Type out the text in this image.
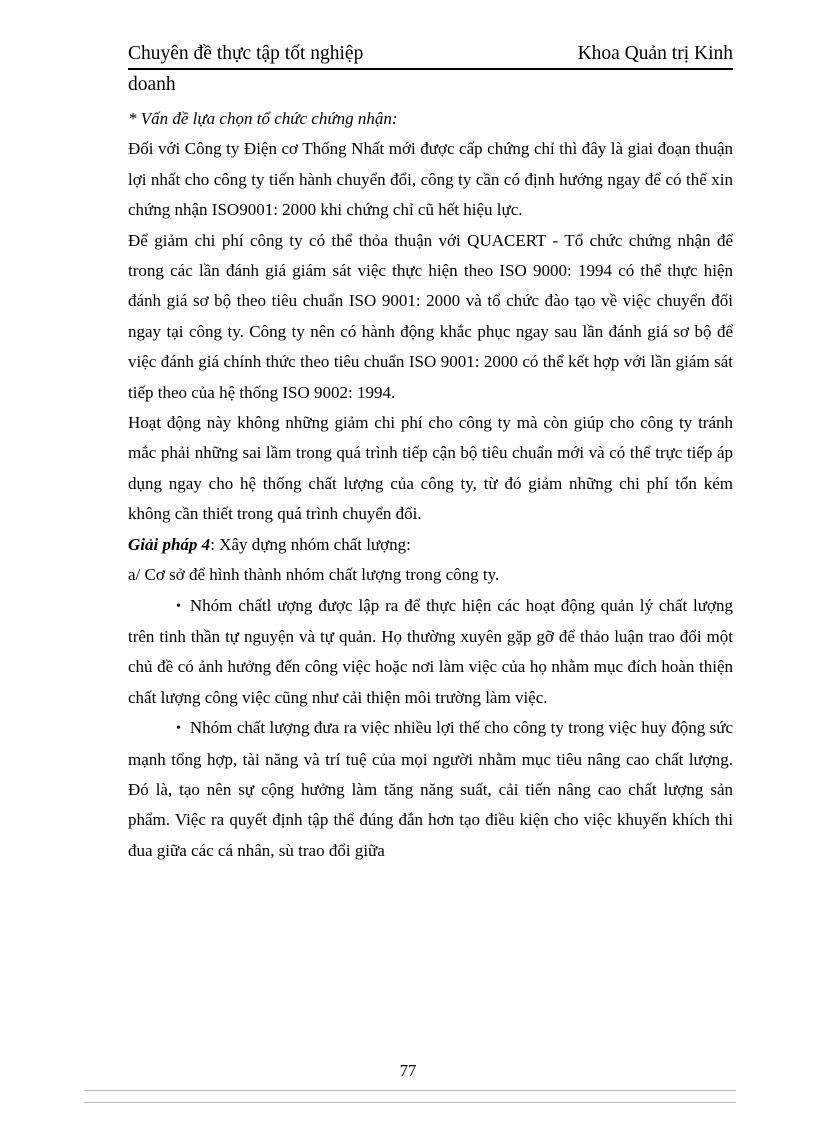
Chuyên đề thực tập tốt nghiệp	Khoa Quản trị Kinh
doanh

* Vấn đề lựa chọn tổ chức chứng nhận:

Đối với Công ty Điện cơ Thống Nhất mới được cấp chứng chỉ thì đây là giai đoạn thuận lợi nhất cho công ty tiến hành chuyển đổi, công ty cần có định hướng ngay để có thể xin chứng nhận ISO9001: 2000 khi chứng chỉ cũ hết hiệu lực.

Để giảm chi phí công ty có thể thỏa thuận với QUACERT - Tổ chức chứng nhận để trong các lần đánh giá giám sát việc thực hiện theo ISO 9000: 1994 có thể thực hiện đánh giá sơ bộ theo tiêu chuẩn ISO 9001: 2000 và tổ chức đào tạo về việc chuyển đổi ngay tại công ty. Công ty nên có hành động khắc phục ngay sau lần đánh giá sơ bộ để việc đánh giá chính thức theo tiêu chuẩn ISO 9001: 2000 có thể kết hợp với lần giám sát tiếp theo của hệ thống ISO 9002: 1994.

Hoạt động này không những giảm chi phí cho công ty mà còn giúp cho công ty tránh mắc phải những sai lầm trong quá trình tiếp cận bộ tiêu chuẩn mới và có thể trực tiếp áp dụng ngay cho hệ thống chất lượng của công ty, từ đó giảm những chi phí tốn kém không cần thiết trong quá trình chuyển đổi.

Giải pháp 4: Xây dựng nhóm chất lượng:

a/ Cơ sở để hình thành nhóm chất lượng trong công ty.

• Nhóm chấtl ượng được lập ra để thực hiện các hoạt động quản lý chất lượng trên tinh thần tự nguyện và tự quản. Họ thường xuyên gặp gỡ để thảo luận trao đổi một chủ đề có ảnh hưởng đến công việc hoặc nơi làm việc của họ nhằm mục đích hoàn thiện chất lượng công việc cũng như cải thiện môi trường làm việc.

• Nhóm chất lượng đưa ra việc nhiều lợi thế cho công ty trong việc huy động sức mạnh tổng hợp, tài năng và trí tuệ của mọi người nhằm mục tiêu nâng cao chất lượng. Đó là, tạo nên sự cộng hưởng làm tăng năng suất, cải tiến nâng cao chất lượng sản phẩm. Việc ra quyết định tập thể đúng đắn hơn tạo điều kiện cho việc khuyến khích thi đua giữa các cá nhân, sù trao đổi giữa

77
